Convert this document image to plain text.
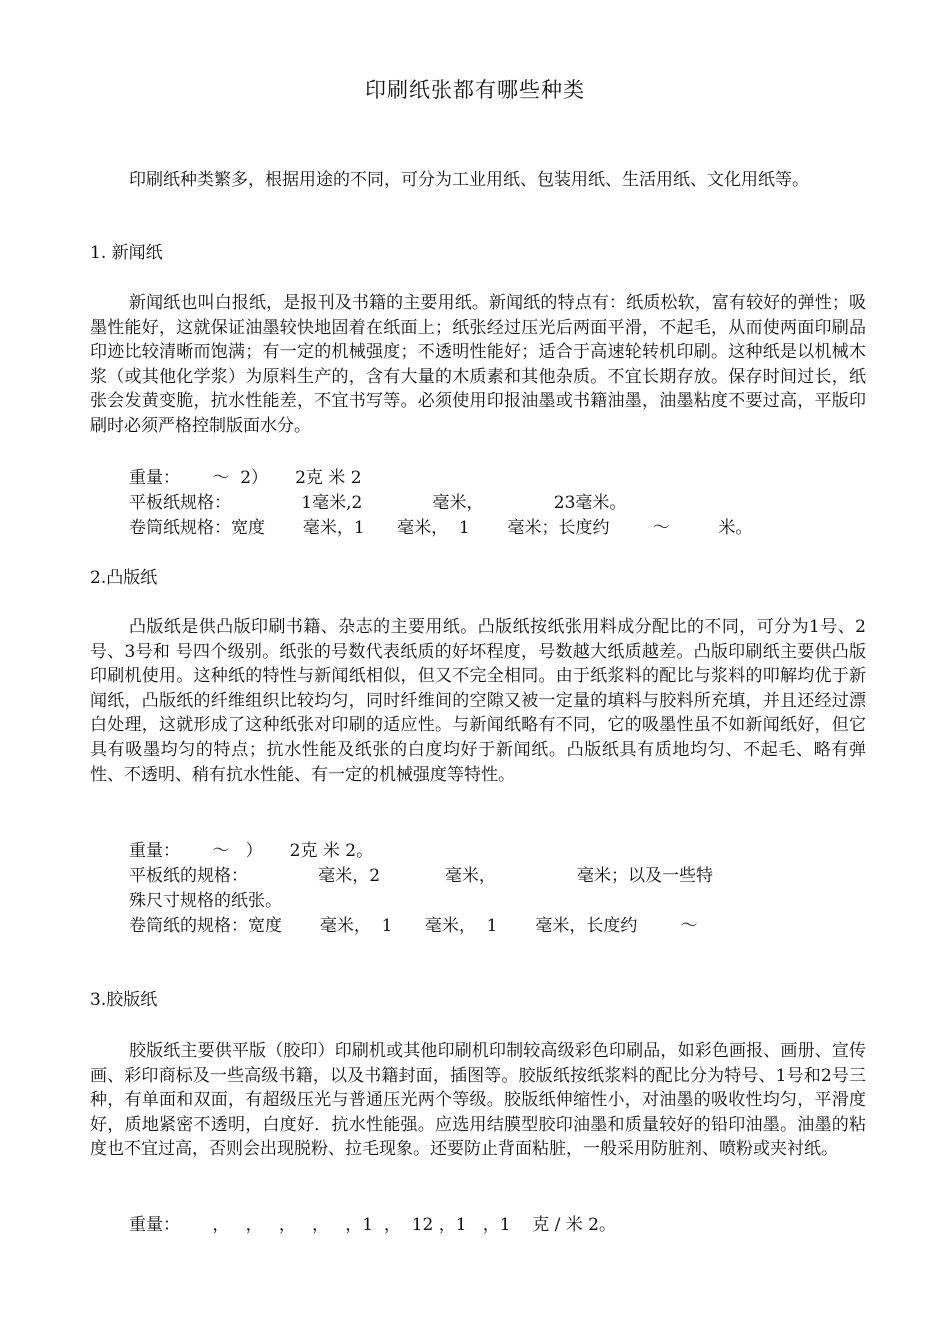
印刷纸张都有哪些种类

印刷纸种类繁多，根据用途的不同，可分为工业用纸、包装用纸、生活用纸、文化用纸等。

1. 新闻纸

新闻纸也叫白报纸，是报刊及书籍的主要用纸。新闻纸的特点有：纸质松软，富有较好的弹性；吸墨性能好，这就保证油墨较快地固着在纸面上；纸张经过压光后两面平滑，不起毛，从而使两面印刷品印迹比较清晰而饱满；有一定的机械强度；不透明性能好；适合于高速轮转机印刷。这种纸是以机械木浆（或其他化学浆）为原料生产的，含有大量的木质素和其他杂质。不宜长期存放。保存时间过长，纸张会发黄变脆，抗水性能差，不宜书写等。必须使用印报油墨或书籍油墨，油墨粘度不要过高，平版印刷时必须严格控制版面水分。

重量：      ～  2）     2克 米 2
平板纸规格：             1毫米,2             毫米，             23毫米。
卷筒纸规格：宽度       毫米，1      毫米，  1       毫米；长度约        ～         米。
2.凸版纸

凸版纸是供凸版印刷书籍、杂志的主要用纸。凸版纸按纸张用料成分配比的不同，可分为1号、2号、3号和 号四个级别。纸张的号数代表纸质的好坏程度，号数越大纸质越差。凸版印刷纸主要供凸版印刷机使用。这种纸的特性与新闻纸相似，但又不完全相同。由于纸浆料的配比与浆料的叩解均优于新闻纸，凸版纸的纤维组织比较均匀，同时纤维间的空隙又被一定量的填料与胶料所充填，并且还经过漂白处理，这就形成了这种纸张对印刷的适应性。与新闻纸略有不同，它的吸墨性虽不如新闻纸好，但它具有吸墨均匀的特点；抗水性能及纸张的白度均好于新闻纸。凸版纸具有质地均匀、不起毛、略有弹性、不透明、稍有抗水性能、有一定的机械强度等特性。

重量：      ～   ）     2克 米 2。
平板纸的规格：             毫米，2            毫米，               毫米；以及一些特
殊尺寸规格的纸张。
卷筒纸的规格：宽度       毫米，  1      毫米，  1       毫米，长度约        ～
3.胶版纸

胶版纸主要供平版（胶印）印刷机或其他印刷机印制较高级彩色印刷品，如彩色画报、画册、宣传画、彩印商标及一些高级书籍，以及书籍封面，插图等。胶版纸按纸浆料的配比分为特号、1号和2号三种，有单面和双面，有超级压光与普通压光两个等级。胶版纸伸缩性小，对油墨的吸收性均匀，平滑度好，质地紧密不透明，白度好．抗水性能强。应选用结膜型胶印油墨和质量较好的铅印油墨。油墨的粘度也不宜过高，否则会出现脱粉、拉毛现象。还要防止背面粘脏，一般采用防脏剂、喷粉或夹衬纸。

重量：      ，   ，   ，   ，   ，1  ，  12 ，1   ，1    克 / 米 2。
